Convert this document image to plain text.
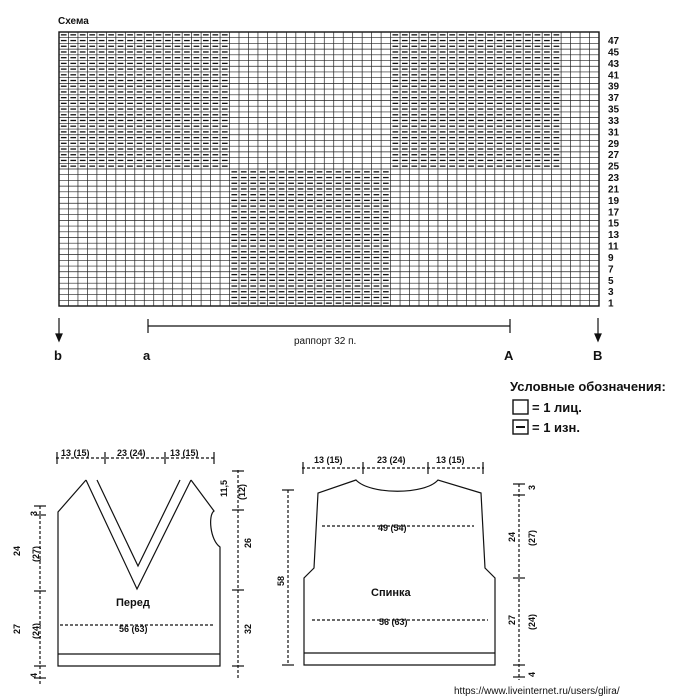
Схема
1
3
5
7
9
11
13
15
17
19
21
23
25
27
29
31
33
35
37
39
41
43
45
47
b	a	A	B
раппорт 32 п.
Условные обозначения:
= 1 лиц.
= 1 изн.
13 (15)	23 (24)	13 (15)
Перед
56 (63)
11,5 (12)
26
32
3
24 (27)
27 (24)
4
13 (15)	23 (24)	13 (15)
49 (54)
Спинка
56 (63)
58
3
24 (27)
27 (24)
4
https://www.liveinternet.ru/users/glira/
